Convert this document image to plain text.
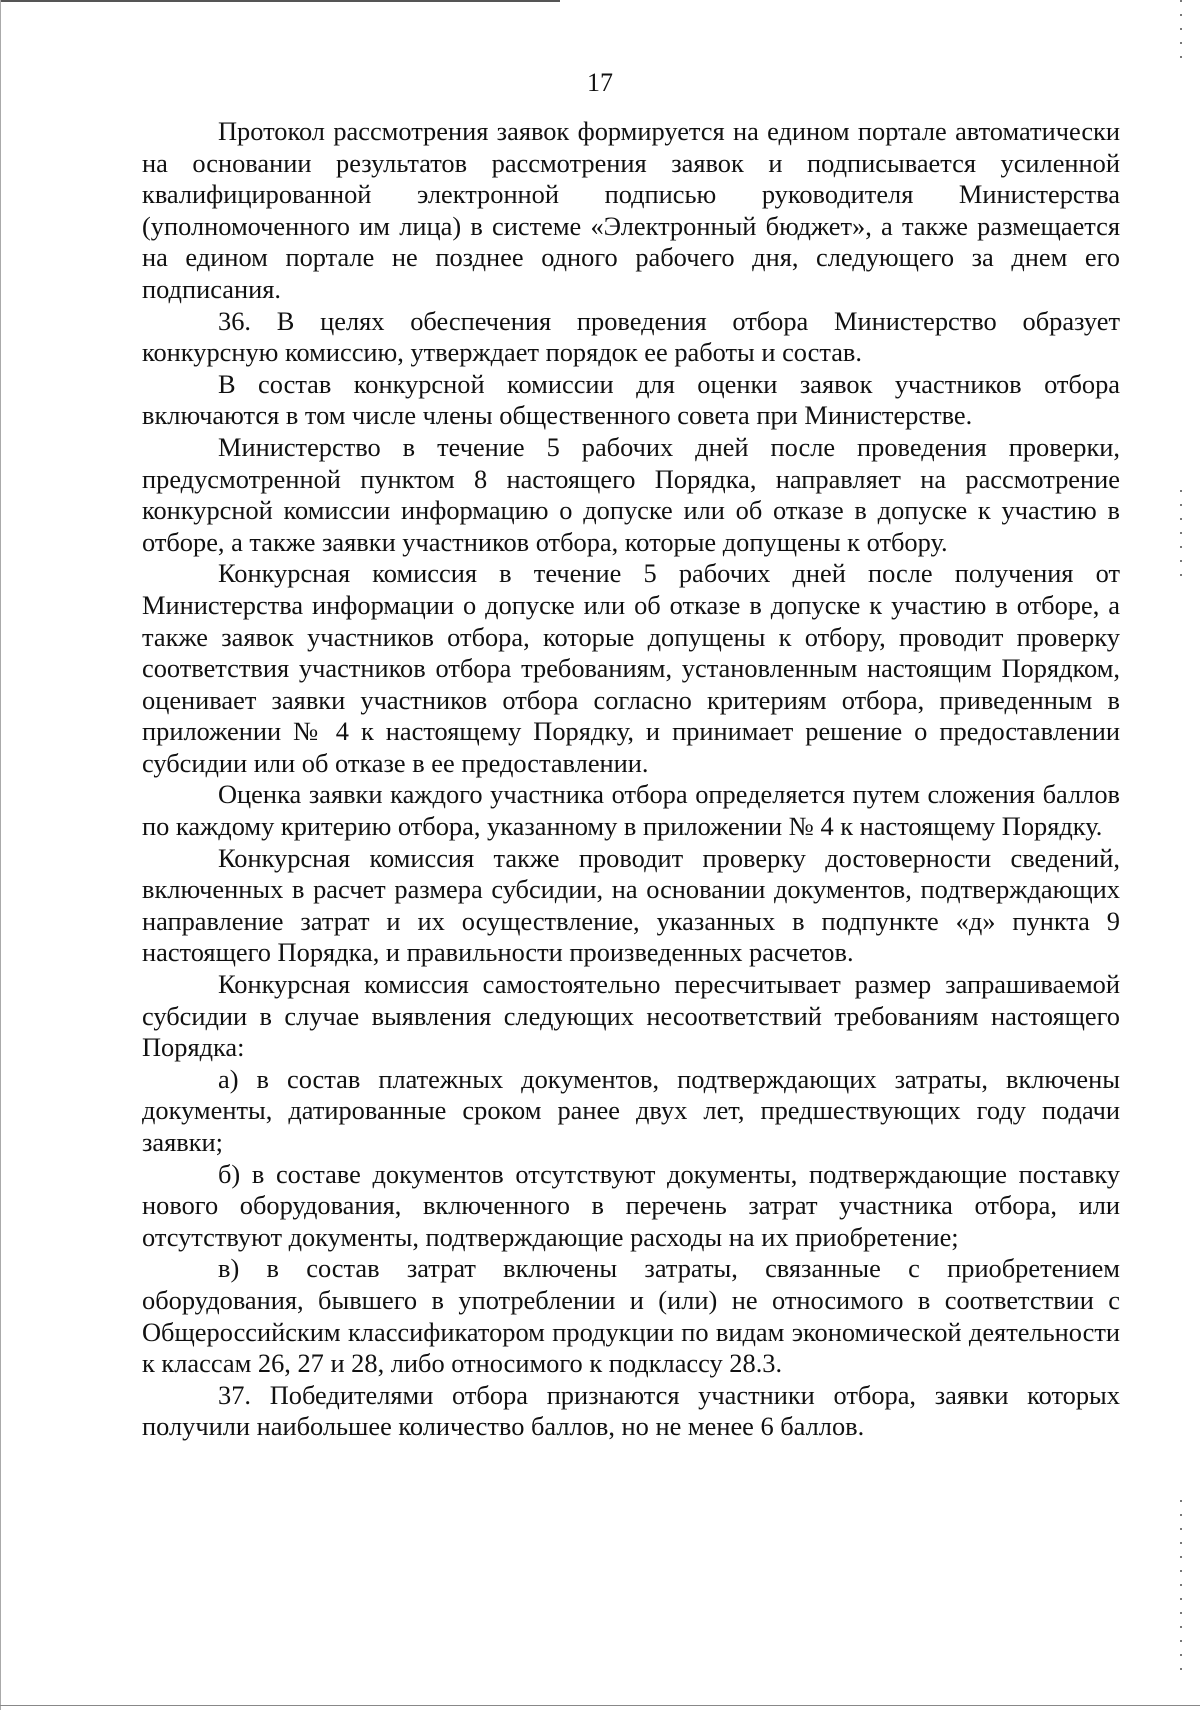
17

Протокол рассмотрения заявок формируется на едином портале автоматически на основании результатов рассмотрения заявок и подписывается усиленной квалифицированной электронной подписью руководителя Министерства (уполномоченного им лица) в системе «Электронный бюджет», а также размещается на едином портале не позднее одного рабочего дня, следующего за днем его подписания.

36. В целях обеспечения проведения отбора Министерство образует конкурсную комиссию, утверждает порядок ее работы и состав.

В состав конкурсной комиссии для оценки заявок участников отбора включаются в том числе члены общественного совета при Министерстве.

Министерство в течение 5 рабочих дней после проведения проверки, предусмотренной пунктом 8 настоящего Порядка, направляет на рассмотрение конкурсной комиссии информацию о допуске или об отказе в допуске к участию в отборе, а также заявки участников отбора, которые допущены к отбору.

Конкурсная комиссия в течение 5 рабочих дней после получения от Министерства информации о допуске или об отказе в допуске к участию в отборе, а также заявок участников отбора, которые допущены к отбору, проводит проверку соответствия участников отбора требованиям, установленным настоящим Порядком, оценивает заявки участников отбора согласно критериям отбора, приведенным в приложении № 4 к настоящему Порядку, и принимает решение о предоставлении субсидии или об отказе в ее предоставлении.

Оценка заявки каждого участника отбора определяется путем сложения баллов по каждому критерию отбора, указанному в приложении № 4 к настоящему Порядку.

Конкурсная комиссия также проводит проверку достоверности сведений, включенных в расчет размера субсидии, на основании документов, подтверждающих направление затрат и их осуществление, указанных в подпункте «д» пункта 9 настоящего Порядка, и правильности произведенных расчетов.

Конкурсная комиссия самостоятельно пересчитывает размер запрашиваемой субсидии в случае выявления следующих несоответствий требованиям настоящего Порядка:

а) в состав платежных документов, подтверждающих затраты, включены документы, датированные сроком ранее двух лет, предшествующих году подачи заявки;

б) в составе документов отсутствуют документы, подтверждающие поставку нового оборудования, включенного в перечень затрат участника отбора, или отсутствуют документы, подтверждающие расходы на их приобретение;

в) в состав затрат включены затраты, связанные с приобретением оборудования, бывшего в употреблении и (или) не относимого в соответствии с Общероссийским классификатором продукции по видам экономической деятельности к классам 26, 27 и 28, либо относимого к подклассу 28.3.

37. Победителями отбора признаются участники отбора, заявки которых получили наибольшее количество баллов, но не менее 6 баллов.
